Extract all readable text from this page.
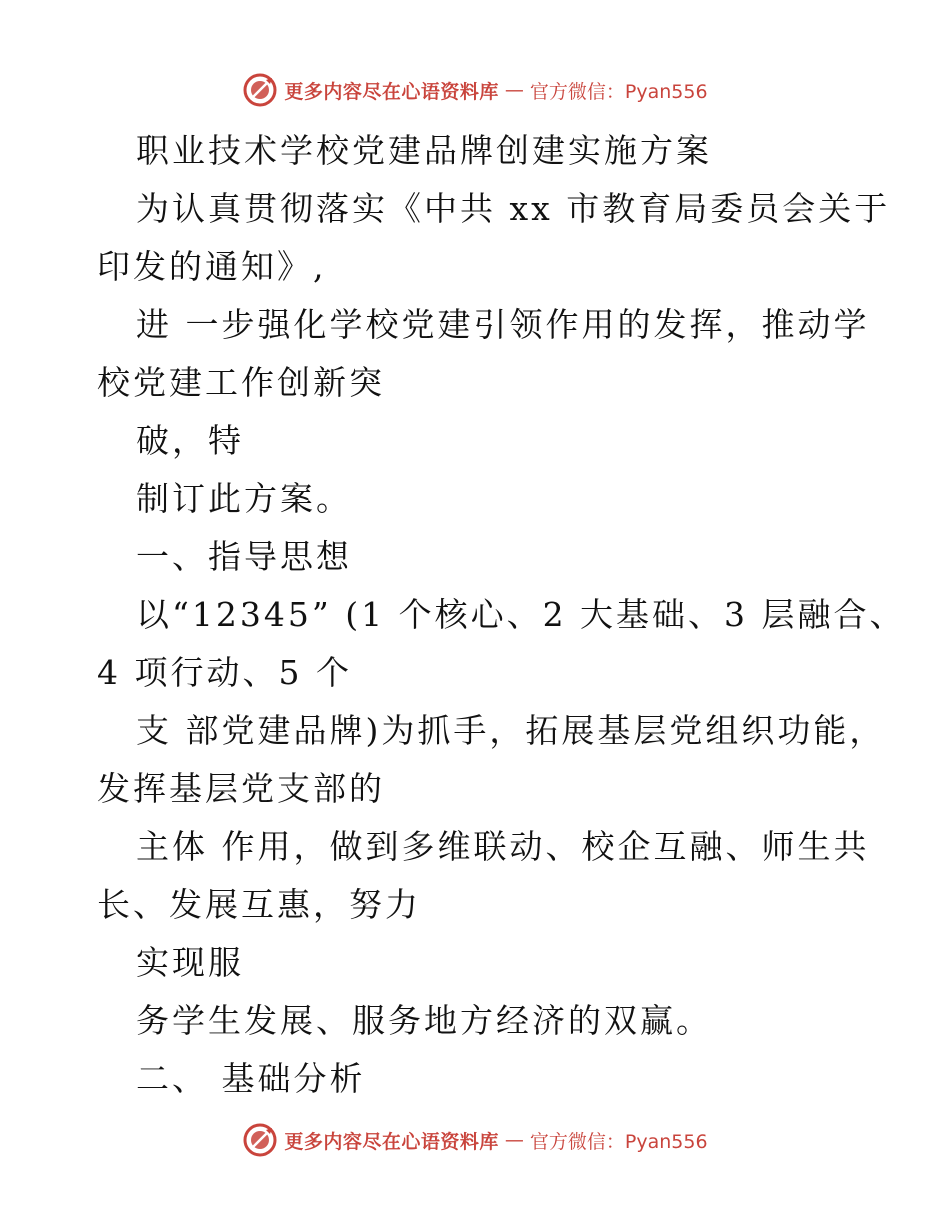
更多内容尽在心语资料库 — 官方微信：Pyan556
职业技术学校党建品牌创建实施方案
为认真贯彻落实《中共 xx 市教育局委员会关于
印发的通知》,
进 一步强化学校党建引领作用的发挥，推动学
校党建工作创新突
破，特
制订此方案。
一、指导思想
以“12345” (1 个核心、2 大基础、3 层融合、
4 项行动、5 个
支 部党建品牌)为抓手，拓展基层党组织功能，
发挥基层党支部的
主体 作用，做到多维联动、校企互融、师生共
长、发展互惠，努力
实现服
务学生发展、服务地方经济的双赢。
二、 基础分析
更多内容尽在心语资料库 — 官方微信：Pyan556
